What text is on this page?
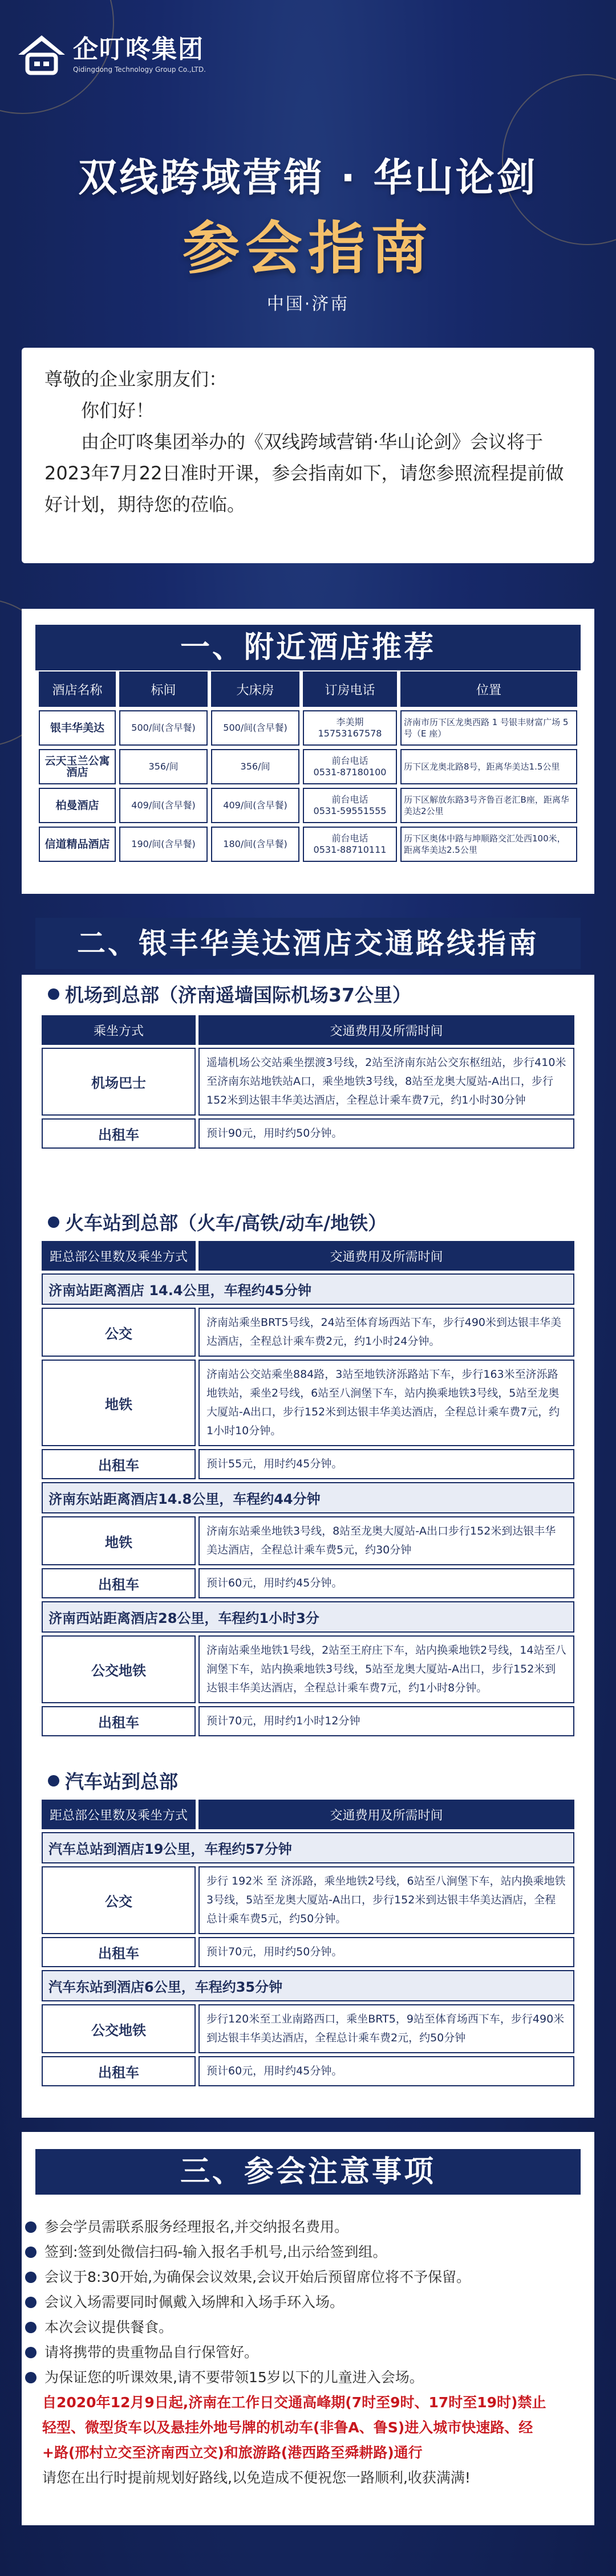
企叮咚集团
Qidingdong Technology Group Co.,LTD.
双线跨域营销 · 华山论剑
参会指南
中国·济南

尊敬的企业家朋友们：

你们好！

由企叮咚集团举办的《双线跨域营销·华山论剑》会议将于2023年7月22日准时开课，参会指南如下，请您参照流程提前做好计划，期待您的莅临。

一、附近酒店推荐
酒店名称	标间	大床房	订房电话	位置
银丰华美达	500/间(含早餐)	500/间(含早餐)	李美期15753167578	济南市历下区龙奥西路 1 号银丰财富广场 5 号（E 座）
云天玉兰公寓酒店	356/间	356/间	前台电话
0531-87180100	历下区龙奥北路8号，距离华美达1.5公里
柏曼酒店	409/间(含早餐)	409/间(含早餐)	前台电话
0531-59551555	历下区解放东路3号齐鲁百老汇B座，距离华美达2公里
信道精品酒店	190/间(含早餐)	180/间(含早餐)	前台电话
0531-88710111	历下区奥体中路与坤顺路交汇处西100米，距离华美达2.5公里
二、银丰华美达酒店交通路线指南
机场到总部（济南遥墙国际机场37公里）
乘坐方式	交通费用及所需时间
机场巴士	遥墙机场公交站乘坐摆渡3号线，2站至济南东站公交东枢纽站，步行410米至济南东站地铁站A口，乘坐地铁3号线，8站至龙奥大厦站-A出口，步行152米到达银丰华美达酒店，全程总计乘车费7元，约1小时30分钟
出租车	预计90元，用时约50分钟。
火车站到总部（火车/高铁/动车/地铁）
距总部公里数及乘坐方式	交通费用及所需时间
济南站距离酒店 14.4公里，车程约45分钟	
公交	济南站乘坐BRT5号线，24站至体育场西站下车，步行490米到达银丰华美达酒店，全程总计乘车费2元，约1小时24分钟。
地铁	济南站公交站乘坐884路，3站至地铁济泺路站下车，步行163米至济泺路地铁站，乘坐2号线，6站至八涧堡下车，站内换乘地铁3号线，5站至龙奥大厦站-A出口，步行152米到达银丰华美达酒店，全程总计乘车费7元，约1小时10分钟。
出租车	预计55元，用时约45分钟。
济南东站距离酒店14.8公里，车程约44分钟	
地铁	济南东站乘坐地铁3号线，8站至龙奥大厦站-A出口步行152米到达银丰华美达酒店，全程总计乘车费5元，约30分钟
出租车	预计60元，用时约45分钟。
济南西站距离酒店28公里，车程约1小时3分	
公交地铁	济南站乘坐地铁1号线，2站至王府庄下车，站内换乘地铁2号线，14站至八涧堡下车，站内换乘地铁3号线，5站至龙奥大厦站-A出口，步行152米到达银丰华美达酒店，全程总计乘车费7元，约1小时8分钟。
出租车	预计70元，用时约1小时12分钟
汽车站到总部
距总部公里数及乘坐方式	交通费用及所需时间
汽车总站到酒店19公里，车程约57分钟	
公交	步行 192米 至 济泺路，乘坐地铁2号线，6站至八涧堡下车，站内换乘地铁3号线，5站至龙奥大厦站-A出口，步行152米到达银丰华美达酒店，全程总计乘车费5元，约50分钟。
出租车	预计70元，用时约50分钟。
汽车东站到酒店6公里，车程约35分钟	
公交地铁	步行120米至工业南路西口，乘坐BRT5，9站至体育场西下车，步行490米到达银丰华美达酒店，全程总计乘车费2元，约50分钟
出租车	预计60元，用时约45分钟。
三、参会注意事项
参会学员需联系服务经理报名,并交纳报名费用。
签到:签到处微信扫码-输入报名手机号,出示给签到组。
会议于8:30开始,为确保会议效果,会议开始后预留席位将不予保留。
会议入场需要同时佩戴入场牌和入场手环入场。
本次会议提供餐食。
请将携带的贵重物品自行保管好。
为保证您的听课效果,请不要带领15岁以下的儿童进入会场。
自2020年12月9日起,济南在工作日交通高峰期(7时至9时、17时至19时)禁止轻型、微型货车以及悬挂外地号牌的机动车(非鲁A、鲁S)进入城市快速路、经+路(邢村立交至济南西立交)和旅游路(港西路至舜耕路)通行
请您在出行时提前规划好路线,以免造成不便祝您一路顺利,收获满满!
